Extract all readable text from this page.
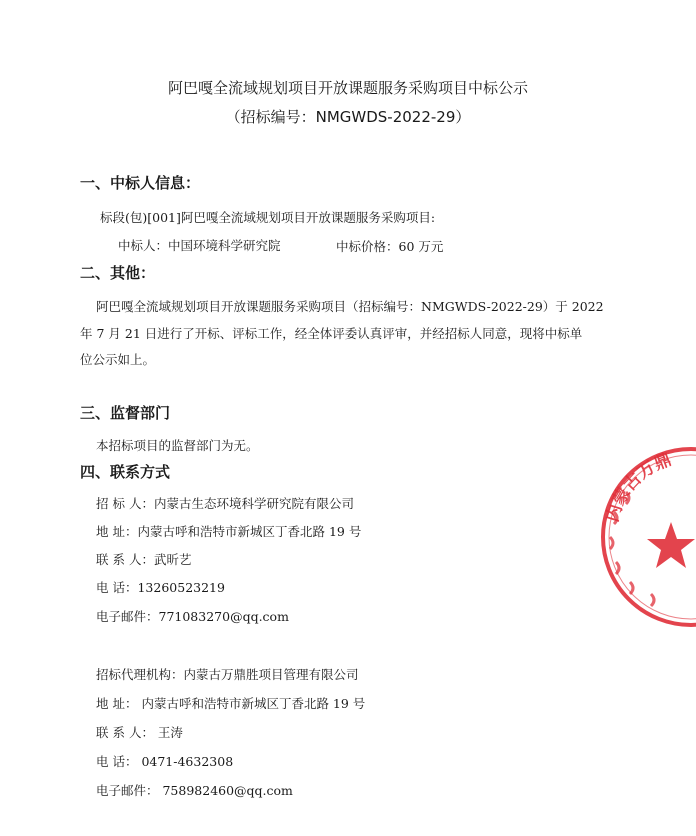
阿巴嘎全流域规划项目开放课题服务采购项目中标公示
（招标编号：NMGWDS-2022-29）
一、中标人信息：
标段(包)[001]阿巴嘎全流域规划项目开放课题服务采购项目:
中标人：中国环境科学研究院	中标价格：60 万元
二、其他：
阿巴嘎全流域规划项目开放课题服务采购项目（招标编号：NMGWDS-2022-29）于 2022
年 7 月 21 日进行了开标、评标工作，经全体评委认真评审，并经招标人同意，现将中标单
位公示如上。
三、监督部门
本招标项目的监督部门为无。
四、联系方式
招 标 人：内蒙古生态环境科学研究院有限公司
地 址：内蒙古呼和浩特市新城区丁香北路 19 号
联 系 人：武昕艺
电 话：13260523219
电子邮件：771083270@qq.com
招标代理机构：内蒙古万鼎胜项目管理有限公司
地 址： 内蒙古呼和浩特市新城区丁香北路 19 号
联 系 人： 王涛
电 话： 0471-4632308
电子邮件： 758982460@qq.com
内蒙古万鼎
